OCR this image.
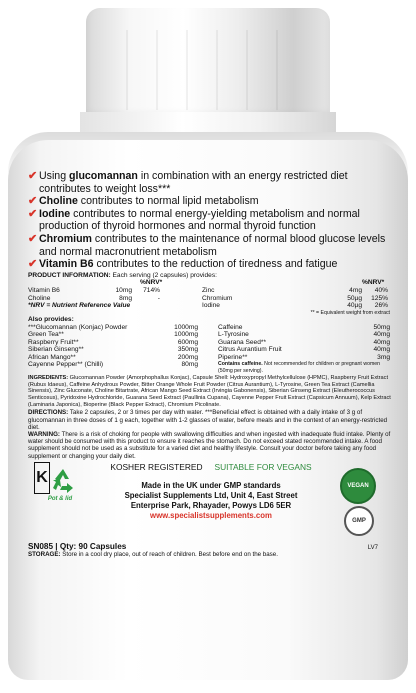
✔ Using glucomannan in combination with an energy restricted diet contributes to weight loss***

✔ Choline contributes to normal lipid metabolism

✔ Iodine contributes to normal energy-yielding metabolism and normal production of thyroid hormones and normal thyroid function

✔ Chromium contributes to the maintenance of normal blood glucose levels and normal macronutrient metabolism

✔ Vitamin B6 contributes to the reduction of tiredness and fatigue

PRODUCT INFORMATION: Each serving (2 capsules) provides:
%NRV*
Vitamin B6	10mg	714%
Choline	8mg	-
*NRV = Nutrient Reference Value
%NRV*
Zinc	4mg	40%
Chromium	50µg	125%
Iodine	40µg	26%
** = Equivalent weight from extract
Also provides:
***Glucomannan (Konjac) Powder	1000mg
Green Tea**	1000mg
Raspberry Fruit**	600mg
Siberian Ginseng**	350mg
African Mango**	200mg
Cayenne Pepper** (Chilli)	80mg
Caffeine	50mg
L-Tyrosine	40mg
Guarana Seed**	40mg
Citrus Aurantium Fruit	40mg
Piperine**	3mg
Contains caffeine. Not recommended for children or pregnant women (50mg per serving).

INGREDIENTS: Glucomannan Powder (Amorphophallus Konjac), Capsule Shell: Hydroxypropyl Methylcellulose (HPMC), Raspberry Fruit Extract (Rubus Idaeus), Caffeine Anhydrous Powder, Bitter Orange Whole Fruit Powder (Citrus Aurantium), L-Tyrosine, Green Tea Extract (Camellia Sinensis), Zinc Gluconate, Choline Bitartrate, African Mango Seed Extract (Irvingia Gabonensis), Siberian Ginseng Extract (Eleutherococcus Senticosus), Pyridoxine Hydrochloride, Guarana Seed Extract (Paullinia Cupana), Cayenne Pepper Fruit Extract (Capsicum Annuum), Kelp Extract (Laminaria Japonica), Bioperine (Black Pepper Extract), Chromium Picolinate.

DIRECTIONS: Take 2 capsules, 2 or 3 times per day with water. ***Beneficial effect is obtained with a daily intake of 3 g of glucomannan in three doses of 1 g each, together with 1-2 glasses of water, before meals and in the context of an energy-restricted diet.

WARNING: There is a risk of choking for people with swallowing difficulties and when ingested with inadequate fluid intake. Plenty of water should be consumed with this product to ensure it reaches the stomach. Do not exceed stated recommended intake. A food supplement should not be used as a substitute for a varied diet and healthy lifestyle. Consult your doctor before taking any food supplement or changing your daily diet.

K
Pot & lid
KOSHER REGISTERED SUITABLE FOR VEGANS
Made in the UK under GMP standards
Specialist Supplements Ltd, Unit 4, East Street
Enterprise Park, Rhayader, Powys LD6 5ER
www.specialistsupplements.com
VEGAN
GMP
SN085 | Qty: 90 Capsules	LV7
STORAGE: Store in a cool dry place, out of reach of children. Best before end on the base.
